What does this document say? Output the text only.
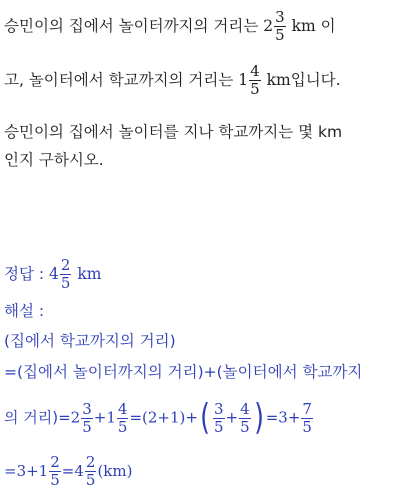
승민이의 집에서 놀이터까지의 거리는 $2 \frac{3}{5}$ km 이
고, 놀이터에서 학교까지의 거리는 $1 \frac{4}{5}$ km입니다.
승민이의 집에서 놀이터를 지나 학교까지는 몇 km
인지 구하시오.
정답 : $4 \frac{2}{5}$ km
해설 :
(집에서 학교까지의 거리)
=(집에서 놀이터까지의 거리)+(놀이터에서 학교까지
의 거리)$=2 \frac{3}{5} +1 \frac{4}{5} =(2+1)+( \frac{3}{5} + \frac{4}{5}$ ) $=3+ \frac{7}{5}$
$=3+1 \frac{2}{5} =4 \frac{2}{5} (km)$
